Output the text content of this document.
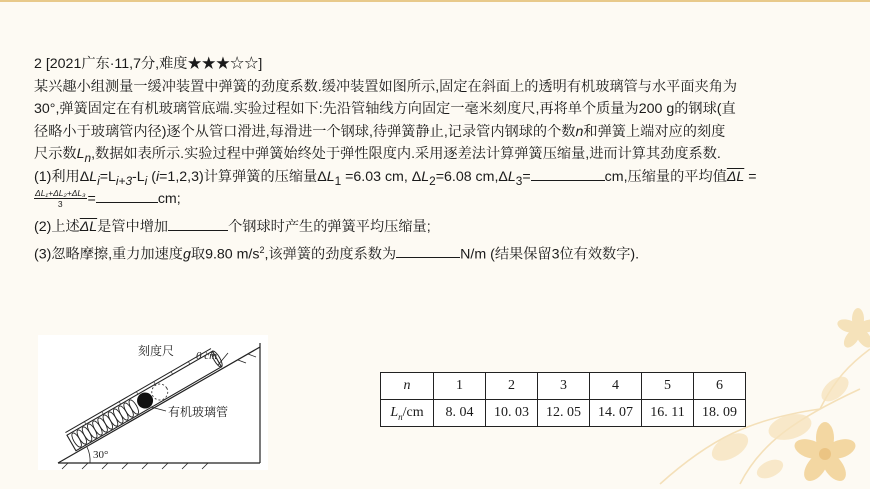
2 [2021广东·11,7分,难度★★★☆☆]
某兴趣小组测量一缓冲装置中弹簧的劲度系数.缓冲装置如图所示,固定在斜面上的透明有机玻璃管与水平面夹角为
30°,弹簧固定在有机玻璃管底端.实验过程如下:先沿管轴线方向固定一毫米刻度尺,再将单个质量为200 g的钢球(直
径略小于玻璃管内径)逐个从管口滑进,每滑进一个钢球,待弹簧静止,记录管内钢球的个数n和弹簧上端对应的刻度
尺示数$L_n$,数据如表所示.实验过程中弹簧始终处于弹性限度内.采用逐差法计算弹簧压缩量,进而计算其劲度系数.
(1)利用$\Delta L_i=L_{i+3}-L_i$ (i=1,2,3)计算弹簧的压缩量$\Delta L_1 =6.03$ cm, $\Delta L_2=6.08$ $cm,\Delta L_3=$	cm,压缩量的平均值$\overline{\Delta L}$ =
$\frac{\text{ΔL₁+ΔL₂+ΔL₃}}{3}=$	cm;
(2)上述$\overline{\Delta L}$是管中增加	个钢球时产生的弹簧平均压缩量;
(3)忽略摩擦,重力加速度g取9.80 $m/s^2$,该弹簧的劲度系数为	N/m (结果保留3位有效数字).
刻度尺 0 cm
有机玻璃管
30°
n	1	2	3	4	5	6
$L_n/cm$	8. 04	10. 03	12. 05	14. 07	16. 11	18. 09
